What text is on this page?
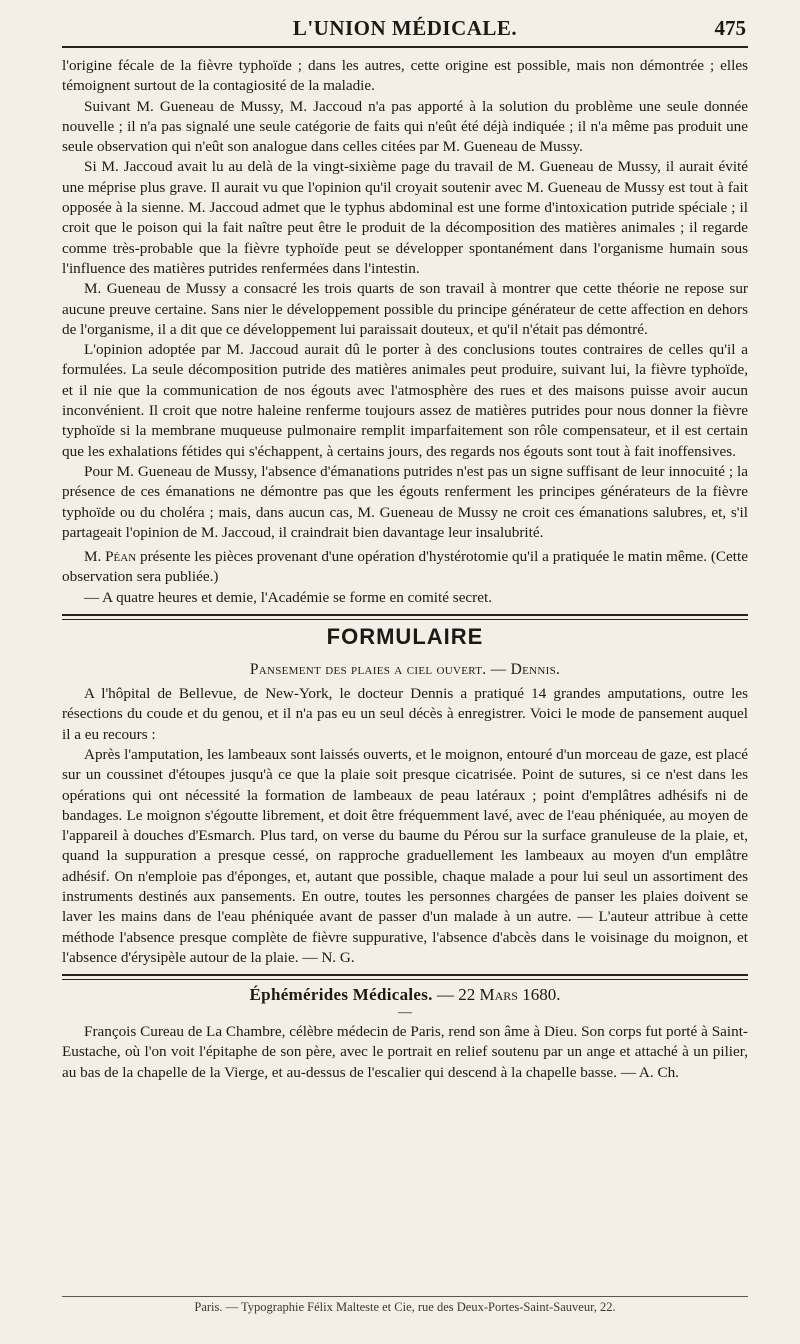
L'UNION MÉDICALE.	475

l'origine fécale de la fièvre typhoïde ; dans les autres, cette origine est possible, mais non démontrée ; elles témoignent surtout de la contagiosité de la maladie.

Suivant M. Gueneau de Mussy, M. Jaccoud n'a pas apporté à la solution du problème une seule donnée nouvelle ; il n'a pas signalé une seule catégorie de faits qui n'eût été déjà indiquée ; il n'a même pas produit une seule observation qui n'eût son analogue dans celles citées par M. Gueneau de Mussy.

Si M. Jaccoud avait lu au delà de la vingt-sixième page du travail de M. Gueneau de Mussy, il aurait évité une méprise plus grave. Il aurait vu que l'opinion qu'il croyait soutenir avec M. Gueneau de Mussy est tout à fait opposée à la sienne. M. Jaccoud admet que le typhus abdominal est une forme d'intoxication putride spéciale ; il croit que le poison qui la fait naître peut être le produit de la décomposition des matières animales ; il regarde comme très-probable que la fièvre typhoïde peut se développer spontanément dans l'organisme humain sous l'influence des matières putrides renfermées dans l'intestin.

M. Gueneau de Mussy a consacré les trois quarts de son travail à montrer que cette théorie ne repose sur aucune preuve certaine. Sans nier le développement possible du principe générateur de cette affection en dehors de l'organisme, il a dit que ce développement lui paraissait douteux, et qu'il n'était pas démontré.

L'opinion adoptée par M. Jaccoud aurait dû le porter à des conclusions toutes contraires de celles qu'il a formulées. La seule décomposition putride des matières animales peut produire, suivant lui, la fièvre typhoïde, et il nie que la communication de nos égouts avec l'atmosphère des rues et des maisons puisse avoir aucun inconvénient. Il croit que notre haleine renferme toujours assez de matières putrides pour nous donner la fièvre typhoïde si la membrane muqueuse pulmonaire remplit imparfaitement son rôle compensateur, et il est certain que les exhalations fétides qui s'échappent, à certains jours, des regards nos égouts sont tout à fait inoffensives.

Pour M. Gueneau de Mussy, l'absence d'émanations putrides n'est pas un signe suffisant de leur innocuité ; la présence de ces émanations ne démontre pas que les égouts renferment les principes générateurs de la fièvre typhoïde ou du choléra ; mais, dans aucun cas, M. Gueneau de Mussy ne croit ces émanations salubres, et, s'il partageait l'opinion de M. Jaccoud, il craindrait bien davantage leur insalubrité.

M. Péan présente les pièces provenant d'une opération d'hystérotomie qu'il a pratiquée le matin même. (Cette observation sera publiée.)

— A quatre heures et demie, l'Académie se forme en comité secret.

FORMULAIRE
Pansement des plaies a ciel ouvert. — Dennis.

A l'hôpital de Bellevue, de New-York, le docteur Dennis a pratiqué 14 grandes amputations, outre les résections du coude et du genou, et il n'a pas eu un seul décès à enregistrer. Voici le mode de pansement auquel il a eu recours :

Après l'amputation, les lambeaux sont laissés ouverts, et le moignon, entouré d'un morceau de gaze, est placé sur un coussinet d'étoupes jusqu'à ce que la plaie soit presque cicatrisée. Point de sutures, si ce n'est dans les opérations qui ont nécessité la formation de lambeaux de peau latéraux ; point d'emplâtres adhésifs ni de bandages. Le moignon s'égoutte librement, et doit être fréquemment lavé, avec de l'eau phéniquée, au moyen de l'appareil à douches d'Esmarch. Plus tard, on verse du baume du Pérou sur la surface granuleuse de la plaie, et, quand la suppuration a presque cessé, on rapproche graduellement les lambeaux au moyen d'un emplâtre adhésif. On n'emploie pas d'éponges, et, autant que possible, chaque malade a pour lui seul un assortiment des instruments destinés aux pansements. En outre, toutes les personnes chargées de panser les plaies doivent se laver les mains dans de l'eau phéniquée avant de passer d'un malade à un autre. — L'auteur attribue à cette méthode l'absence presque complète de fièvre suppurative, l'absence d'abcès dans le voisinage du moignon, et l'absence d'érysipèle autour de la plaie. — N. G.

Éphémérides Médicales. — 22 Mars 1680.
—

François Cureau de La Chambre, célèbre médecin de Paris, rend son âme à Dieu. Son corps fut porté à Saint-Eustache, où l'on voit l'épitaphe de son père, avec le portrait en relief soutenu par un ange et attaché à un pilier, au bas de la chapelle de la Vierge, et au-dessus de l'escalier qui descend à la chapelle basse. — A. Ch.

Paris. — Typographie Félix Malteste et Cie, rue des Deux-Portes-Saint-Sauveur, 22.
